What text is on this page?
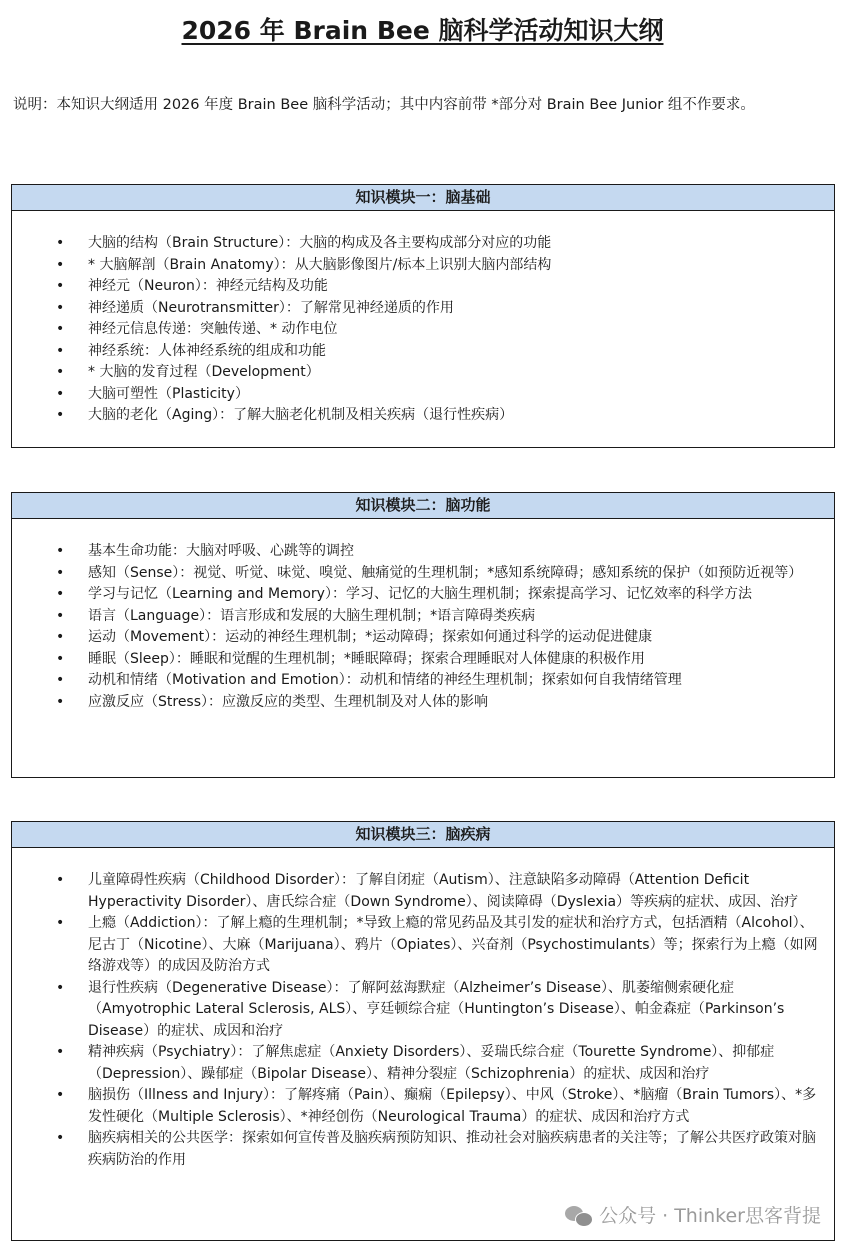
2026 年 Brain Bee 脑科学活动知识大纲
说明：本知识大纲适用 2026 年度 Brain Bee 脑科学活动；其中内容前带 *部分对 Brain Bee Junior 组不作要求。
知识模块一：脑基础
• 大脑的结构（Brain Structure）：大脑的构成及各主要构成部分对应的功能
• * 大脑解剖（Brain Anatomy）：从大脑影像图片/标本上识别大脑内部结构
• 神经元（Neuron）：神经元结构及功能
• 神经递质（Neurotransmitter）：了解常见神经递质的作用
• 神经元信息传递：突触传递、* 动作电位
• 神经系统：人体神经系统的组成和功能
• * 大脑的发育过程（Development）
• 大脑可塑性（Plasticity）
• 大脑的老化（Aging）：了解大脑老化机制及相关疾病（退行性疾病）
知识模块二：脑功能
• 基本生命功能：大脑对呼吸、心跳等的调控
• 感知（Sense）：视觉、听觉、味觉、嗅觉、触痛觉的生理机制；*感知系统障碍；感知系统的保护（如预防近视等）
• 学习与记忆（Learning and Memory）：学习、记忆的大脑生理机制；探索提高学习、记忆效率的科学方法
• 语言（Language）：语言形成和发展的大脑生理机制；*语言障碍类疾病
• 运动（Movement）：运动的神经生理机制；*运动障碍；探索如何通过科学的运动促进健康
• 睡眠（Sleep）：睡眠和觉醒的生理机制；*睡眠障碍；探索合理睡眠对人体健康的积极作用
• 动机和情绪（Motivation and Emotion）：动机和情绪的神经生理机制；探索如何自我情绪管理
• 应激反应（Stress）：应激反应的类型、生理机制及对人体的影响
知识模块三：脑疾病
• 儿童障碍性疾病（Childhood Disorder）：了解自闭症（Autism）、注意缺陷多动障碍（Attention Deficit Hyperactivity Disorder）、唐氏综合症（Down Syndrome）、阅读障碍（Dyslexia）等疾病的症状、成因、治疗
• 上瘾（Addiction）：了解上瘾的生理机制；*导致上瘾的常见药品及其引发的症状和治疗方式，包括酒精（Alcohol）、尼古丁（Nicotine）、大麻（Marijuana）、鸦片（Opiates）、兴奋剂（Psychostimulants）等；探索行为上瘾（如网络游戏等）的成因及防治方式
• 退行性疾病（Degenerative Disease）：了解阿兹海默症（Alzheimer’s Disease）、肌萎缩侧索硬化症（Amyotrophic Lateral Sclerosis, ALS）、亨廷顿综合症（Huntington’s Disease）、帕金森症（Parkinson’s Disease）的症状、成因和治疗
• 精神疾病（Psychiatry）：了解焦虑症（Anxiety Disorders）、妥瑞氏综合症（Tourette Syndrome）、抑郁症（Depression）、躁郁症（Bipolar Disease）、精神分裂症（Schizophrenia）的症状、成因和治疗
• 脑损伤（Illness and Injury）：了解疼痛（Pain）、癫痫（Epilepsy）、中风（Stroke）、*脑瘤（Brain Tumors）、*多发性硬化（Multiple Sclerosis）、*神经创伤（Neurological Trauma）的症状、成因和治疗方式
• 脑疾病相关的公共医学：探索如何宣传普及脑疾病预防知识、推动社会对脑疾病患者的关注等；了解公共医疗政策对脑疾病防治的作用
公众号 · Thinker思客背提
